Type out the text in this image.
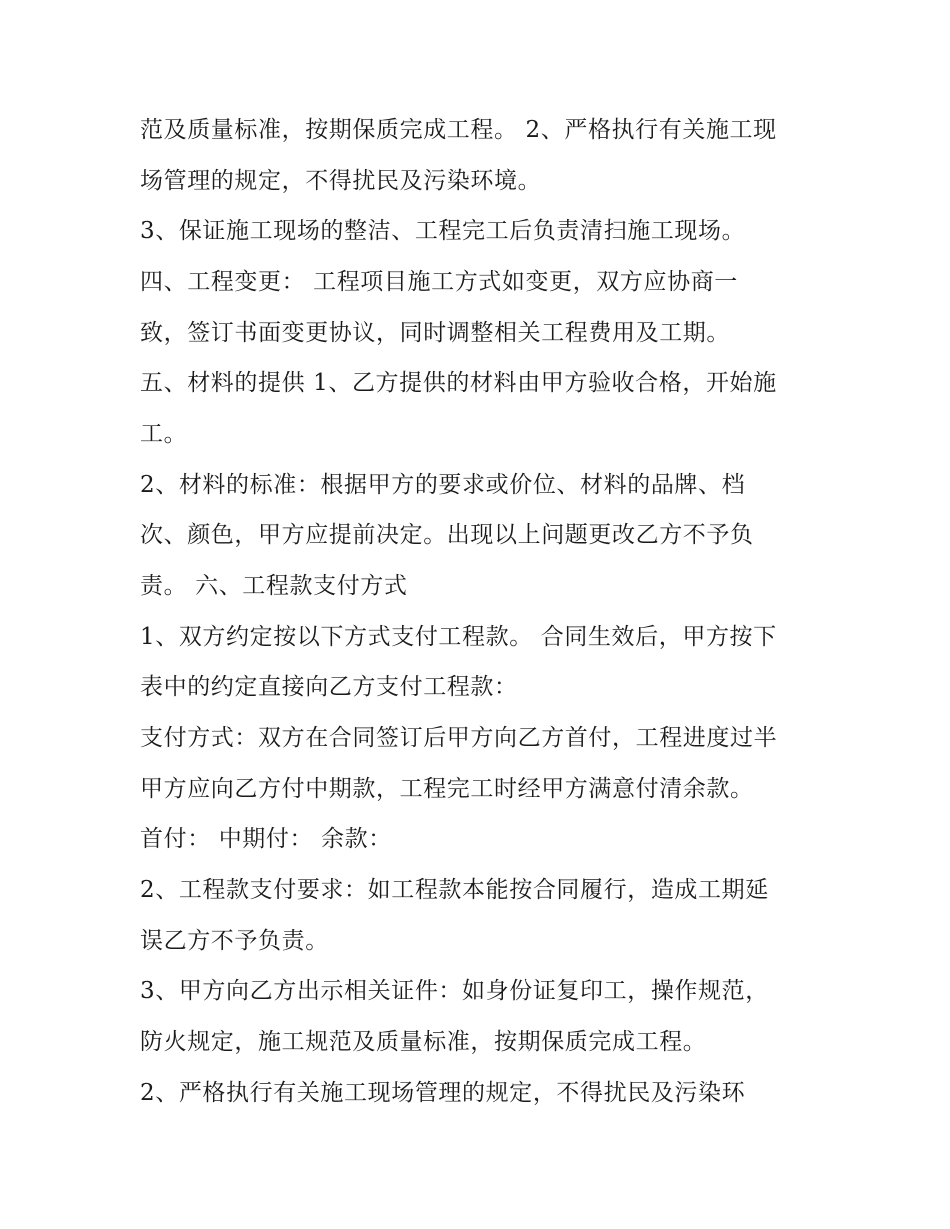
范及质量标准，按期保质完成工程。 2、严格执行有关施工现
场管理的规定，不得扰民及污染环境。
3、保证施工现场的整洁、工程完工后负责清扫施工现场。
四、工程变更： 工程项目施工方式如变更，双方应协商一
致，签订书面变更协议，同时调整相关工程费用及工期。
五、材料的提供 1、乙方提供的材料由甲方验收合格，开始施
工。
2、材料的标准：根据甲方的要求或价位、材料的品牌、档
次、颜色，甲方应提前决定。出现以上问题更改乙方不予负
责。 六、工程款支付方式
1、双方约定按以下方式支付工程款。 合同生效后，甲方按下
表中的约定直接向乙方支付工程款：
支付方式：双方在合同签订后甲方向乙方首付，工程进度过半
甲方应向乙方付中期款，工程完工时经甲方满意付清余款。
首付： 中期付： 余款：
2、工程款支付要求：如工程款本能按合同履行，造成工期延
误乙方不予负责。
3、甲方向乙方出示相关证件：如身份证复印工，操作规范，
防火规定，施工规范及质量标准，按期保质完成工程。
2、严格执行有关施工现场管理的规定，不得扰民及污染环
